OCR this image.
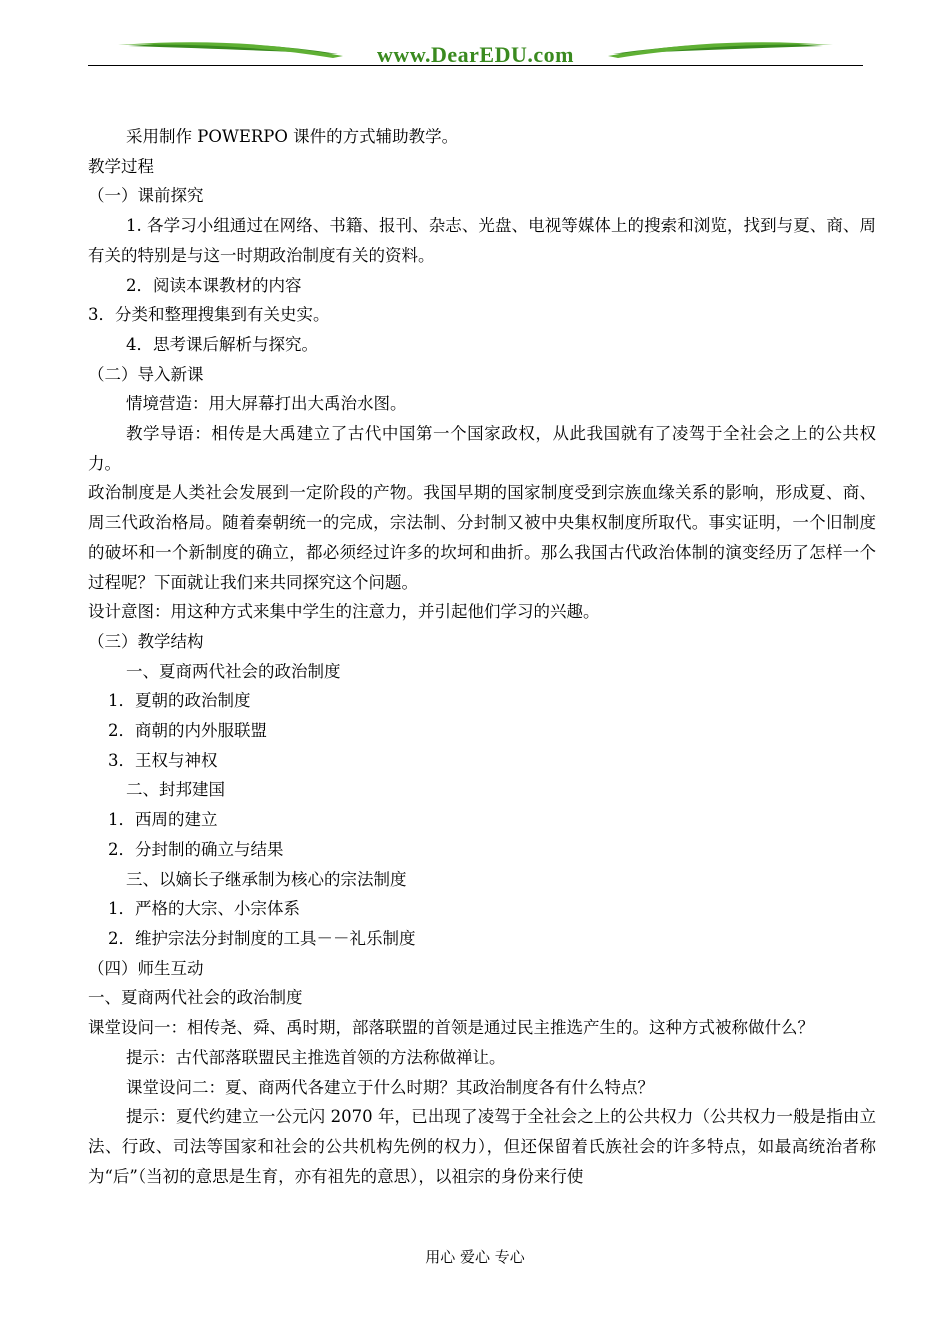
www.DearEDU.com

采用制作 POWERPO 课件的方式辅助教学。

教学过程

（一）课前探究

1. 各学习小组通过在网络、书籍、报刊、杂志、光盘、电视等媒体上的搜索和浏览，找到与夏、商、周有关的特别是与这一时期政治制度有关的资料。

2．阅读本课教材的内容

3．分类和整理搜集到有关史实。

4．思考课后解析与探究。

（二）导入新课

情境营造：用大屏幕打出大禹治水图。

教学导语：相传是大禹建立了古代中国第一个国家政权，从此我国就有了凌驾于全社会之上的公共权力。

政治制度是人类社会发展到一定阶段的产物。我国早期的国家制度受到宗族血缘关系的影响，形成夏、商、周三代政治格局。随着秦朝统一的完成，宗法制、分封制又被中央集权制度所取代。事实证明，一个旧制度的破坏和一个新制度的确立，都必须经过许多的坎坷和曲折。那么我国古代政治体制的演变经历了怎样一个过程呢？下面就让我们来共同探究这个问题。

设计意图：用这种方式来集中学生的注意力，并引起他们学习的兴趣。

（三）教学结构

一、夏商两代社会的政治制度

1．夏朝的政治制度

2．商朝的内外服联盟

3．王权与神权

二、封邦建国

1．西周的建立

2．分封制的确立与结果

三、以嫡长子继承制为核心的宗法制度

1．严格的大宗、小宗体系

2．维护宗法分封制度的工具－－礼乐制度

（四）师生互动

一、夏商两代社会的政治制度

课堂设问一：相传尧、舜、禹时期，部落联盟的首领是通过民主推选产生的。这种方式被称做什么？

提示：古代部落联盟民主推选首领的方法称做禅让。

课堂设问二：夏、商两代各建立于什么时期？其政治制度各有什么特点？

提示：夏代约建立一公元闪 2070 年，已出现了凌驾于全社会之上的公共权力（公共权力一般是指由立法、行政、司法等国家和社会的公共机构先例的权力），但还保留着氏族社会的许多特点，如最高统治者称为“后”（当初的意思是生育，亦有祖先的意思），以祖宗的身份来行使

用心 爱心 专心
